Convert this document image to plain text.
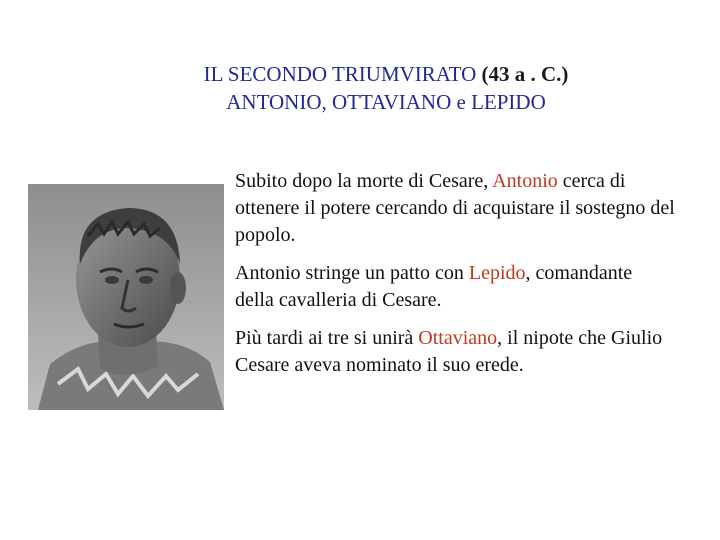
IL SECONDO TRIUMVIRATO (43 a . C.)
ANTONIO, OTTAVIANO e LEPIDO

Subito dopo la morte di Cesare, Antonio cerca di ottenere il potere cercando di acquistare il sostegno del popolo.

Antonio stringe un patto con Lepido, comandante della cavalleria di Cesare.

Più tardi ai tre si unirà Ottaviano, il nipote che Giulio Cesare aveva nominato il suo erede.
